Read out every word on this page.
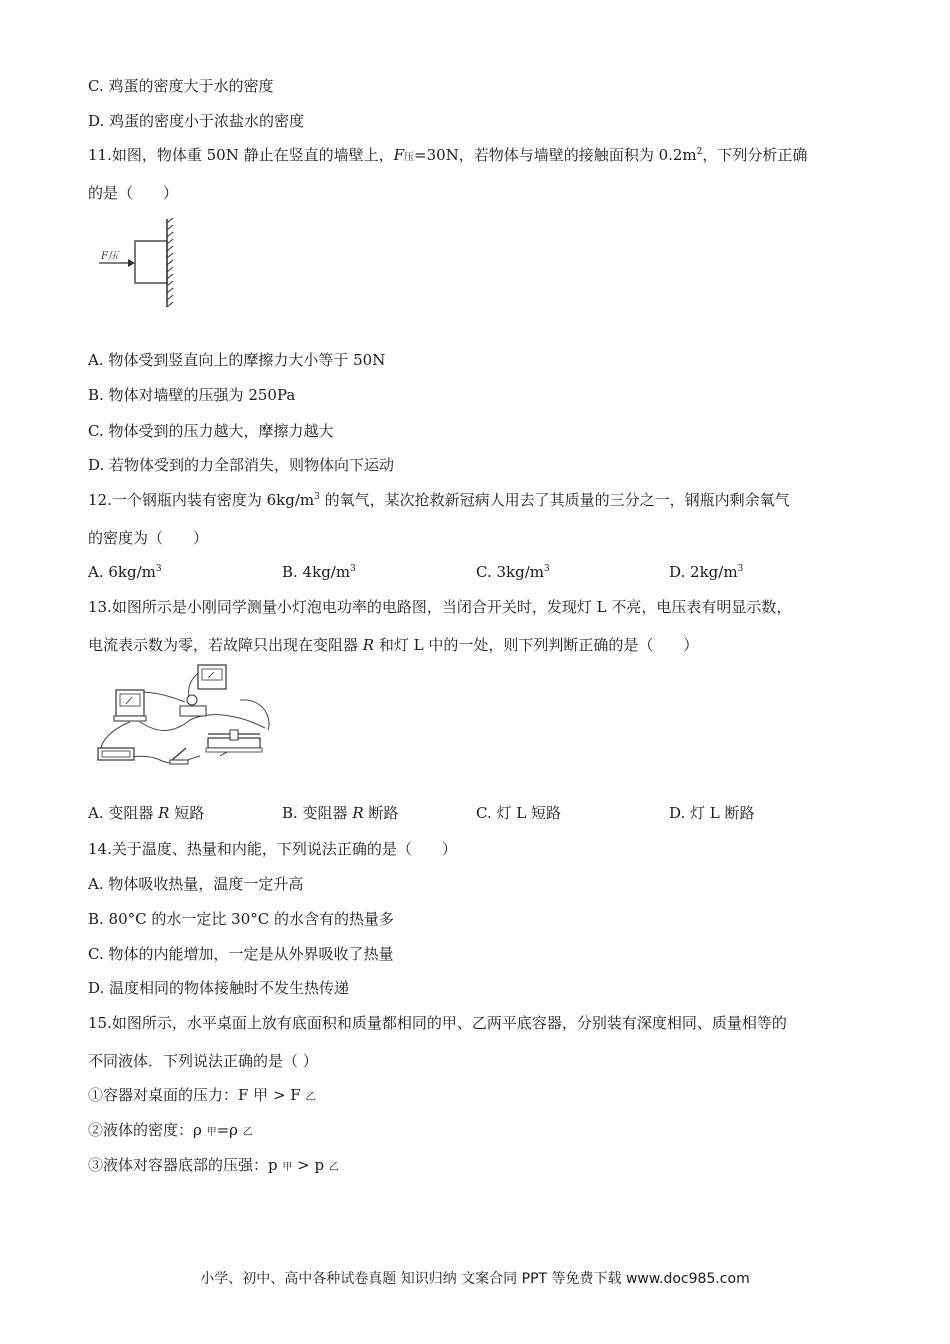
C. 鸡蛋的密度大于水的密度
D. 鸡蛋的密度小于浓盐水的密度
11.如图，物体重 50N 静止在竖直的墙壁上，F压=30N，若物体与墙壁的接触面积为 $0.2m^2$，下列分析正确
的是（　　）
F压
A. 物体受到竖直向上的摩擦力大小等于 50N
B. 物体对墙壁的压强为 250Pa
C. 物体受到的压力越大，摩擦力越大
D. 若物体受到的力全部消失，则物体向下运动
12.一个钢瓶内装有密度为 $6kg/m^3$ 的氧气，某次抢救新冠病人用去了其质量的三分之一，钢瓶内剩余氧气
的密度为（　　）
A. $6kg/m^3$	B. $4kg/m^3$	C. $3kg/m^3$	D. $2kg/m^3$
13.如图所示是小刚同学测量小灯泡电功率的电路图，当闭合开关时，发现灯 L 不亮，电压表有明显示数，
电流表示数为零，若故障只出现在变阻器 R 和灯 L 中的一处，则下列判断正确的是（　　）
A. 变阻器 R 短路	B. 变阻器 R 断路	C. 灯 L 短路	D. 灯 L 断路
14.关于温度、热量和内能，下列说法正确的是（　　）
A. 物体吸收热量，温度一定升高
B. 80°C 的水一定比 30°C 的水含有的热量多
C. 物体的内能增加，一定是从外界吸收了热量
D. 温度相同的物体接触时不发生热传递
15.如图所示，水平桌面上放有底面积和质量都相同的甲、乙两平底容器，分别装有深度相同、质量相等的
不同液体．下列说法正确的是（ ）
①容器对桌面的压力：F 甲 > F 乙
②液体的密度：ρ 甲=ρ 乙
③液体对容器底部的压强：p 甲 > p 乙
小学、初中、高中各种试卷真题 知识归纳 文案合同 PPT 等免费下载 www.doc985.com
